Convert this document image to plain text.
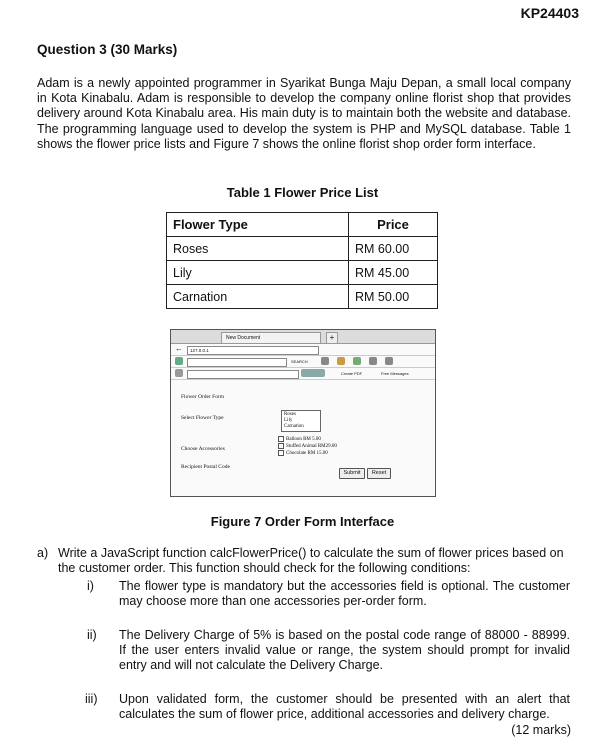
KP24403
Question 3 (30 Marks)
Adam is a newly appointed programmer in Syarikat Bunga Maju Depan, a small local company in Kota Kinabalu. Adam is responsible to develop the company online florist shop that provides delivery around Kota Kinabalu area. His main duty is to maintain both the website and database. The programming language used to develop the system is PHP and MySQL database. Table 1 shows the flower price lists and Figure 7 shows the online florist shop order form interface.
Table 1 Flower Price List
Flower Type	Price
Roses	RM 60.00
Lily	RM 45.00
Carnation	RM 50.00
New Document	+
← 127.0.0.1
SEARCH
Create PDF	Free Messages
Flower Order Form
Select Flower Type
Roses
Lily
Carnation
Choose Accessories
Balloon RM 5.00
Stuffed Animal RM29.00
Chocolate RM 15.00
Recipient Postal Code
Submit	Reset
Figure 7 Order Form Interface
a) Write a JavaScript function calcFlowerPrice() to calculate the sum of flower prices based on the customer order. This function should check for the following conditions:
i)	The flower type is mandatory but the accessories field is optional. The customer may choose more than one accessories per-order form.
ii)	The Delivery Charge of 5% is based on the postal code range of 88000 - 88999. If the user enters invalid value or range, the system should prompt for invalid entry and will not calculate the Delivery Charge.
iii)	Upon validated form, the customer should be presented with an alert that calculates the sum of flower price, additional accessories and delivery charge.
(12 marks)
